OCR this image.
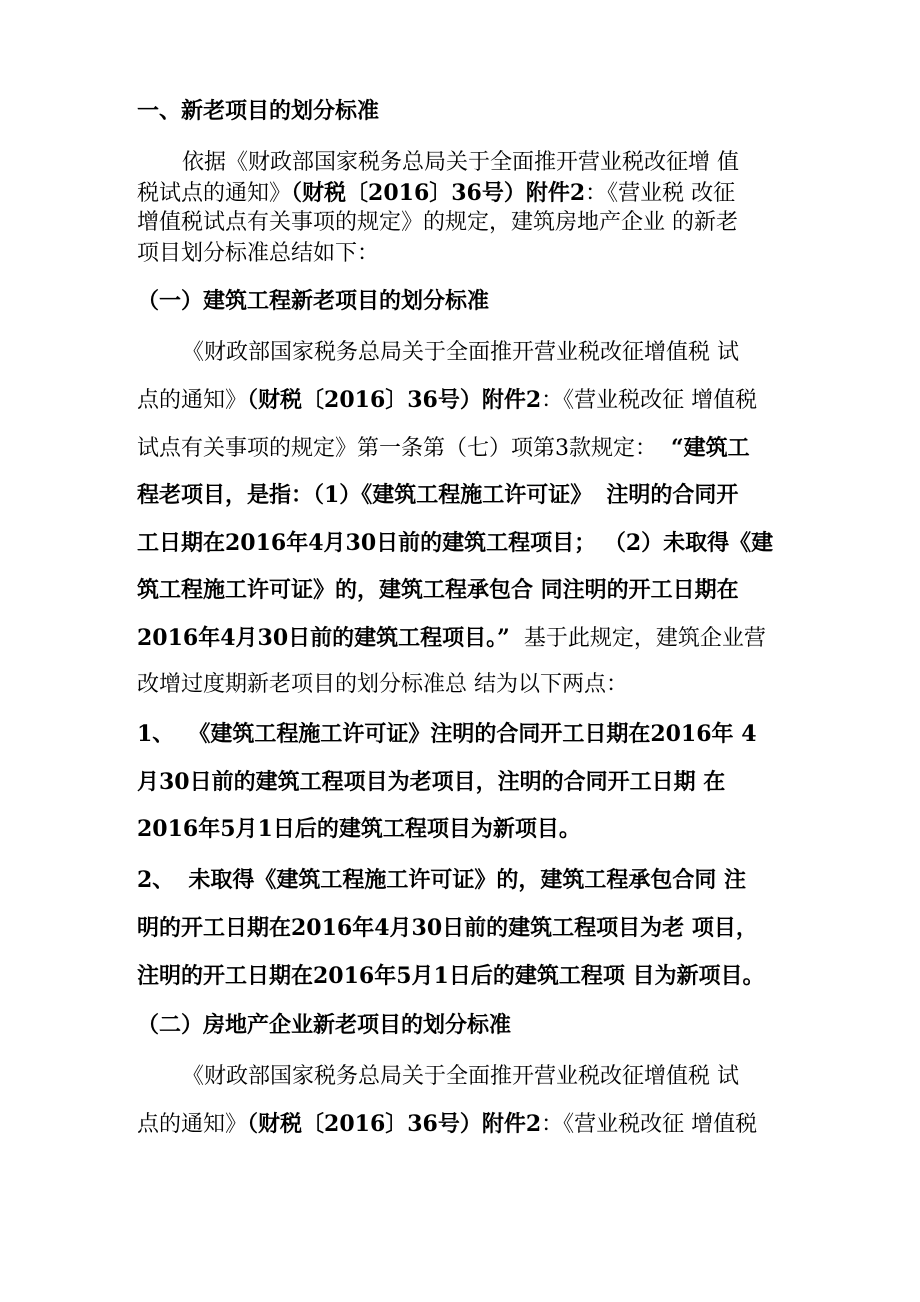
一、新老项目的划分标准
依据《财政部国家税务总局关于全面推开营业税改征增 值
税试点的通知》（财税〔2016〕36号）附件2：《营业税 改征
增值税试点有关事项的规定》的规定，建筑房地产企业 的新老
项目划分标准总结如下：
（一）建筑工程新老项目的划分标准
《财政部国家税务总局关于全面推开营业税改征增值税 试
点的通知》（财税〔2016〕36号）附件2：《营业税改征 增值税
试点有关事项的规定》第一条第（七）项第3款规定： “建筑工
程老项目，是指：（1）《建筑工程施工许可证》 注明的合同开
工日期在2016年4月30日前的建筑工程项目； （2）未取得《建
筑工程施工许可证》的，建筑工程承包合 同注明的开工日期在
2016年4月30日前的建筑工程项目。” 基于此规定，建筑企业营
改增过度期新老项目的划分标准总 结为以下两点：
1、 《建筑工程施工许可证》注明的合同开工日期在2016年 4
月30日前的建筑工程项目为老项目，注明的合同开工日期 在
2016年5月1日后的建筑工程项目为新项目。
2、 未取得《建筑工程施工许可证》的，建筑工程承包合同 注
明的开工日期在2016年4月30日前的建筑工程项目为老 项目，
注明的开工日期在2016年5月1日后的建筑工程项 目为新项目。
（二）房地产企业新老项目的划分标准
《财政部国家税务总局关于全面推开营业税改征增值税 试
点的通知》（财税〔2016〕36号）附件2：《营业税改征 增值税
